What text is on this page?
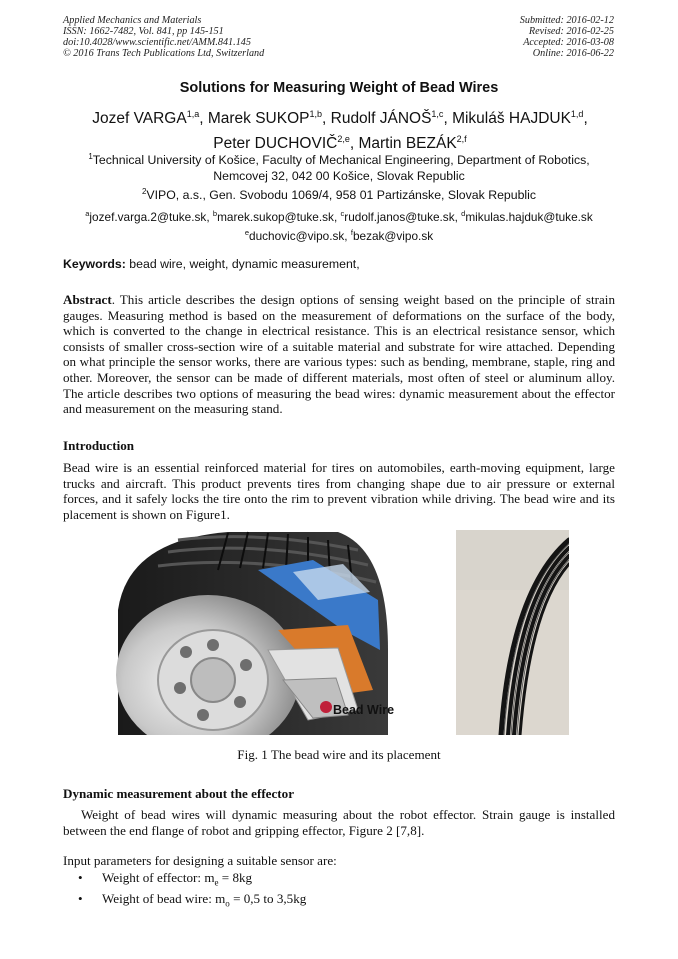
Applied Mechanics and Materials
ISSN: 1662-7482, Vol. 841, pp 145-151
doi:10.4028/www.scientific.net/AMM.841.145
© 2016 Trans Tech Publications Ltd, Switzerland
Submitted: 2016-02-12
Revised: 2016-02-25
Accepted: 2016-03-08
Online: 2016-06-22
Solutions for Measuring Weight of Bead Wires
Jozef VARGA$^{1,a}$, Marek SUKOP$^{1,b}$, Rudolf JÁNOŠ$^{1,c}$, Mikuláš HAJDUK$^{1,d}$,
Peter DUCHOVIČ$^{2,e}$, Martin BEZÁK$^{2,f}$
$^1$Technical University of Košice, Faculty of Mechanical Engineering, Department of Robotics,
Nemcovej 32, 042 00 Košice, Slovak Republic
$^2$VIPO, a.s., Gen. Svobodu 1069/4, 958 01 Partizánske, Slovak Republic
$^a$jozef.varga.2@tuke.sk, $^b$marek.sukop@tuke.sk, $^c$rudolf.janos@tuke.sk, $^d$mikulas.hajduk@tuke.sk
$^e$duchovic@vipo.sk, $^f$bezak@vipo.sk
Keywords: bead wire, weight, dynamic measurement,
Abstract. This article describes the design options of sensing weight based on the principle of strain gauges. Measuring method is based on the measurement of deformations on the surface of the body, which is converted to the change in electrical resistance. This is an electrical resistance sensor, which consists of smaller cross-section wire of a suitable material and substrate for wire attached. Depending on what principle the sensor works, there are various types: such as bending, membrane, staple, ring and other. Moreover, the sensor can be made of different materials, most often of steel or aluminum alloy. The article describes two options of measuring the bead wires: dynamic measurement about the effector and measurement on the measuring stand.
Introduction
Bead wire is an essential reinforced material for tires on automobiles, earth-moving equipment, large trucks and aircraft. This product prevents tires from changing shape due to air pressure or external forces, and it safely locks the tire onto the rim to prevent vibration while driving. The bead wire and its placement is shown on Figure1.
Bead Wire
Fig. 1 The bead wire and its placement
Dynamic measurement about the effector
Weight of bead wires will dynamic measuring about the robot effector. Strain gauge is installed between the end flange of robot and gripping effector, Figure 2 [7,8].
Input parameters for designing a suitable sensor are:
•	Weight of effector: $m_e = 8kg$
•	Weight of bead wire: $m_o = 0,5$ to 3,5kg
